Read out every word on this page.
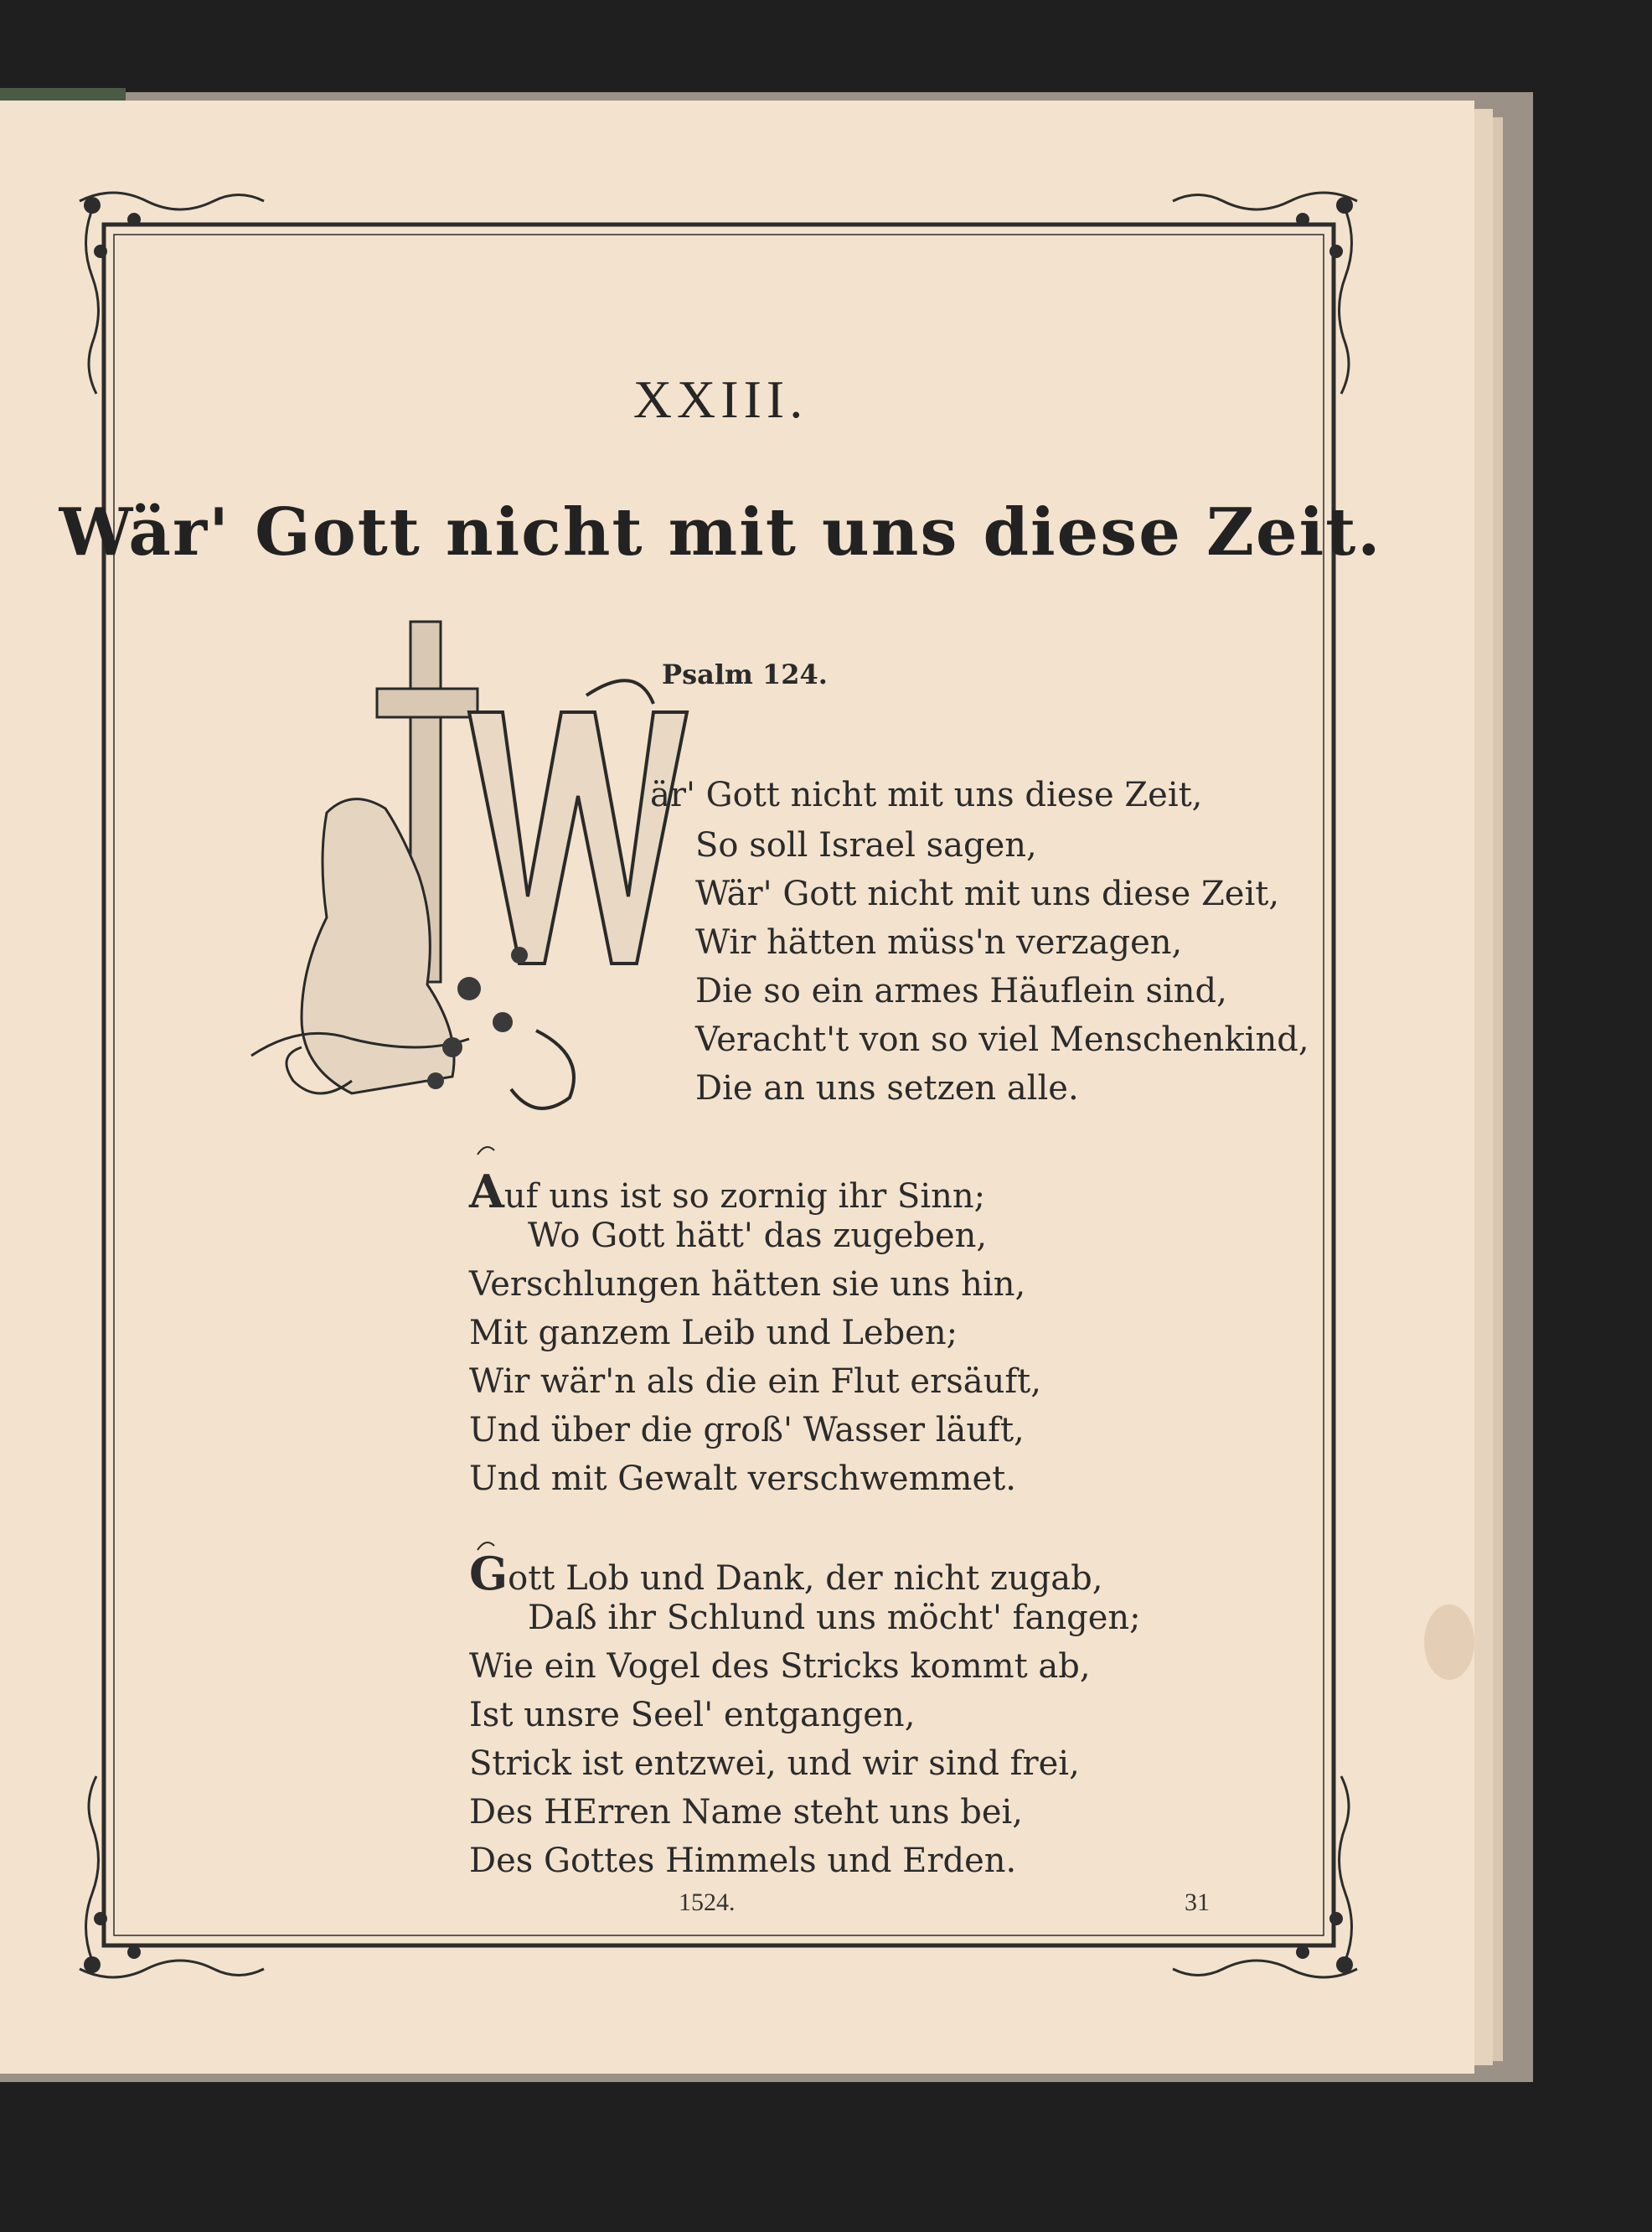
XXIII.
Wär' Gott nicht mit uns diese Zeit.
Psalm 124.
är' Gott nicht mit uns diese Zeit,
So soll Israel sagen,
Wär' Gott nicht mit uns diese Zeit,
Wir hätten müss'n verzagen,
Die so ein armes Häuflein sind,
Veracht't von so viel Menschenkind,
Die an uns setzen alle.
Auf uns ist so zornig ihr Sinn;
Wo Gott hätt' das zugeben,
Verschlungen hätten sie uns hin,
Mit ganzem Leib und Leben;
Wir wär'n als die ein Flut ersäuft,
Und über die groß' Wasser läuft,
Und mit Gewalt verschwemmet.
Gott Lob und Dank, der nicht zugab,
Daß ihr Schlund uns möcht' fangen;
Wie ein Vogel des Stricks kommt ab,
Ist unsre Seel' entgangen,
Strick ist entzwei, und wir sind frei,
Des HErren Name steht uns bei,
Des Gottes Himmels und Erden.
1524.	31
